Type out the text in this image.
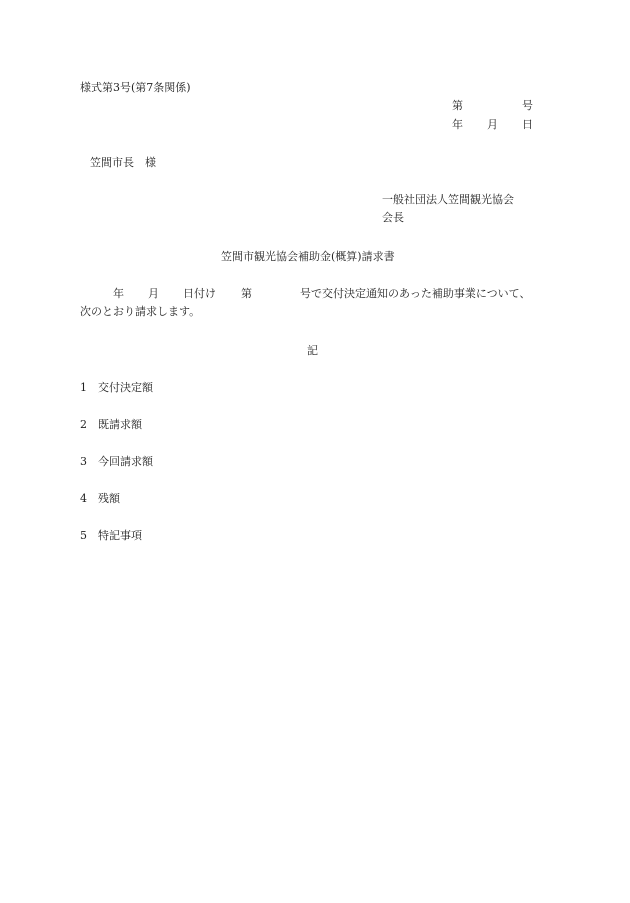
様式第3号(第7条関係)
第	号
年 月 日
笠間市長　様
一般社団法人笠間観光協会
会長
笠間市観光協会補助金(概算)請求書
年 月 日付け 第	号で交付決定通知のあった補助事業について、
次のとおり請求します。
記
1 交付決定額
2 既請求額
3 今回請求額
4 残額
5 特記事項
